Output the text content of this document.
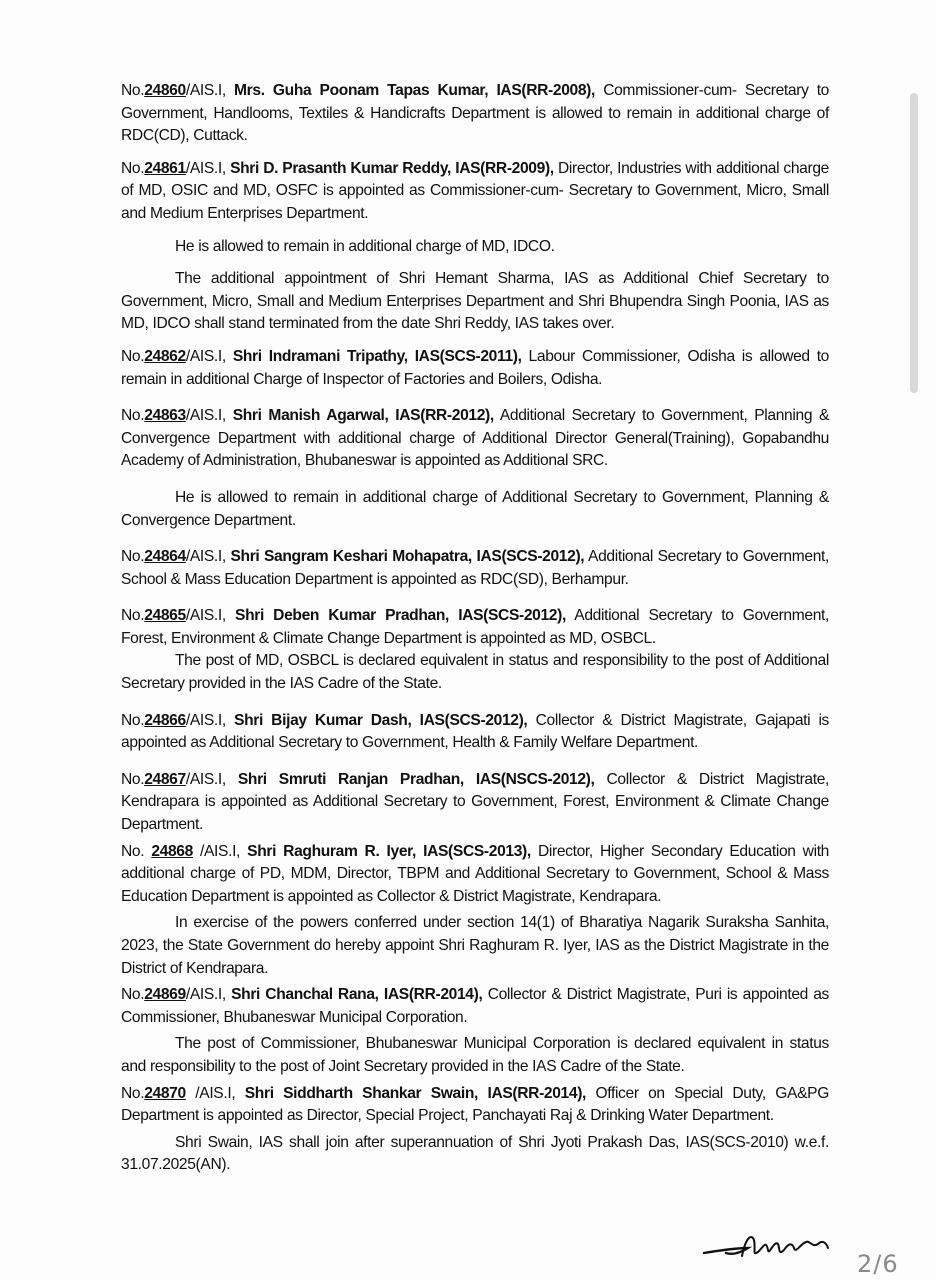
No.24860/AIS.I, Mrs. Guha Poonam Tapas Kumar, IAS(RR-2008), Commissioner-cum- Secretary to Government, Handlooms, Textiles & Handicrafts Department is allowed to remain in additional charge of RDC(CD), Cuttack.

No.24861/AIS.I, Shri D. Prasanth Kumar Reddy, IAS(RR-2009), Director, Industries with additional charge of MD, OSIC and MD, OSFC is appointed as Commissioner-cum- Secretary to Government, Micro, Small and Medium Enterprises Department.

He is allowed to remain in additional charge of MD, IDCO.

The additional appointment of Shri Hemant Sharma, IAS as Additional Chief Secretary to Government, Micro, Small and Medium Enterprises Department and Shri Bhupendra Singh Poonia, IAS as MD, IDCO shall stand terminated from the date Shri Reddy, IAS takes over.

No.24862/AIS.I, Shri Indramani Tripathy, IAS(SCS-2011), Labour Commissioner, Odisha is allowed to remain in additional Charge of Inspector of Factories and Boilers, Odisha.

No.24863/AIS.I, Shri Manish Agarwal, IAS(RR-2012), Additional Secretary to Government, Planning & Convergence Department with additional charge of Additional Director General(Training), Gopabandhu Academy of Administration, Bhubaneswar is appointed as Additional SRC.

He is allowed to remain in additional charge of Additional Secretary to Government, Planning & Convergence Department.

No.24864/AIS.I, Shri Sangram Keshari Mohapatra, IAS(SCS-2012), Additional Secretary to Government, School & Mass Education Department is appointed as RDC(SD), Berhampur.

No.24865/AIS.I, Shri Deben Kumar Pradhan, IAS(SCS-2012), Additional Secretary to Government, Forest, Environment & Climate Change Department is appointed as MD, OSBCL.

The post of MD, OSBCL is declared equivalent in status and responsibility to the post of Additional Secretary provided in the IAS Cadre of the State.

No.24866/AIS.I, Shri Bijay Kumar Dash, IAS(SCS-2012), Collector & District Magistrate, Gajapati is appointed as Additional Secretary to Government, Health & Family Welfare Department.

No.24867/AIS.I, Shri Smruti Ranjan Pradhan, IAS(NSCS-2012), Collector & District Magistrate, Kendrapara is appointed as Additional Secretary to Government, Forest, Environment & Climate Change Department.

No. 24868 /AIS.I, Shri Raghuram R. Iyer, IAS(SCS-2013), Director, Higher Secondary Education with additional charge of PD, MDM, Director, TBPM and Additional Secretary to Government, School & Mass Education Department is appointed as Collector & District Magistrate, Kendrapara.

In exercise of the powers conferred under section 14(1) of Bharatiya Nagarik Suraksha Sanhita, 2023, the State Government do hereby appoint Shri Raghuram R. Iyer, IAS as the District Magistrate in the District of Kendrapara.

No.24869/AIS.I, Shri Chanchal Rana, IAS(RR-2014), Collector & District Magistrate, Puri is appointed as Commissioner, Bhubaneswar Municipal Corporation.

The post of Commissioner, Bhubaneswar Municipal Corporation is declared equivalent in status and responsibility to the post of Joint Secretary provided in the IAS Cadre of the State.

No.24870 /AIS.I, Shri Siddharth Shankar Swain, IAS(RR-2014), Officer on Special Duty, GA&PG Department is appointed as Director, Special Project, Panchayati Raj & Drinking Water Department.

Shri Swain, IAS shall join after superannuation of Shri Jyoti Prakash Das, IAS(SCS-2010) w.e.f. 31.07.2025(AN).

2/6
